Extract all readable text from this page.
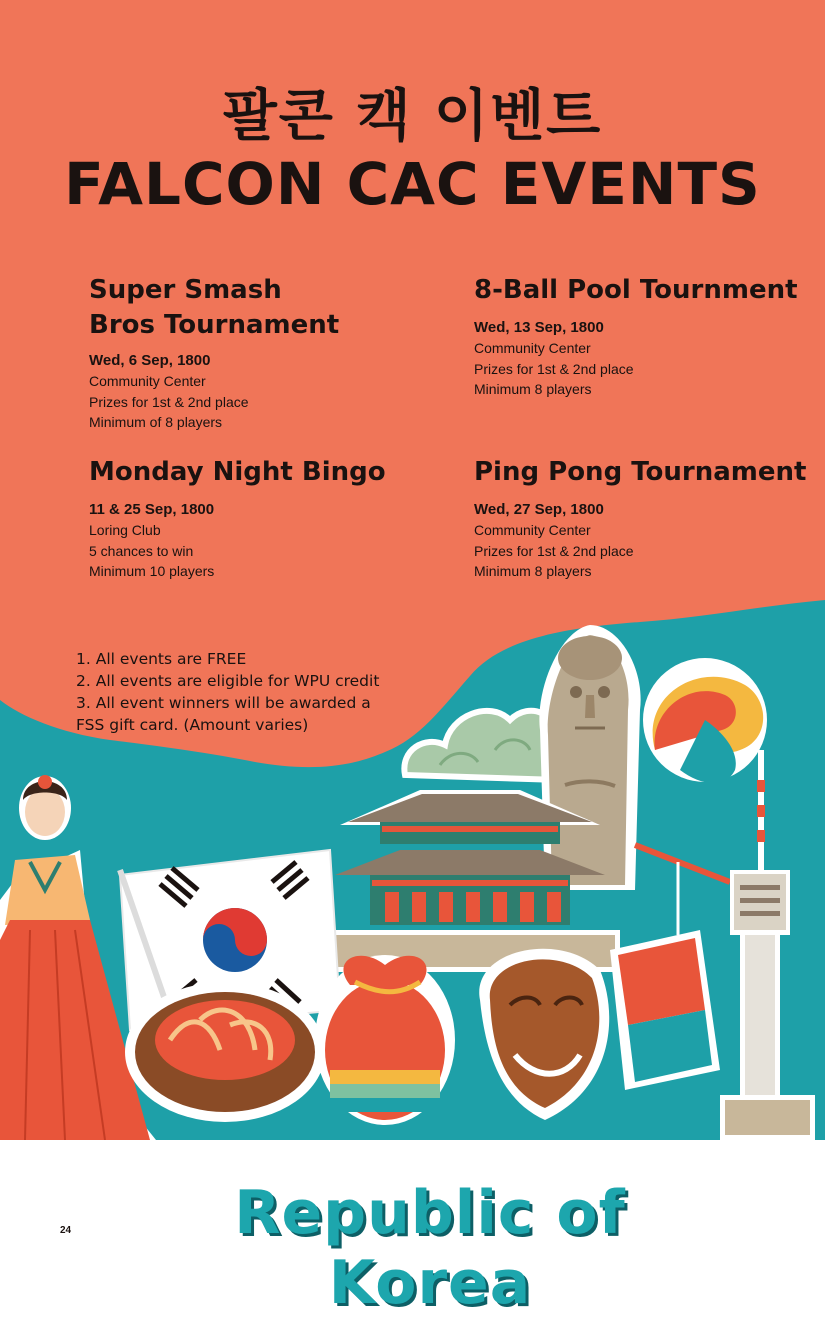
팔콘 캑 이벤트
FALCON CAC EVENTS
Super Smash
Bros Tournament
Wed, 6 Sep, 1800
Community Center
Prizes for 1st & 2nd place
Minimum of 8 players
8-Ball Pool Tournment
Wed, 13 Sep, 1800
Community Center
Prizes for 1st & 2nd place
Minimum 8 players
Monday Night Bingo
11 & 25 Sep, 1800
Loring Club
5 chances to win
Minimum 10 players
Ping Pong Tournament
Wed, 27 Sep, 1800
Community Center
Prizes for 1st & 2nd place
Minimum 8 players
1. All events are FREE
2. All events are eligible for WPU credit
3. All event winners will be awarded a
FSS gift card. (Amount varies)
Republic of Korea
24
